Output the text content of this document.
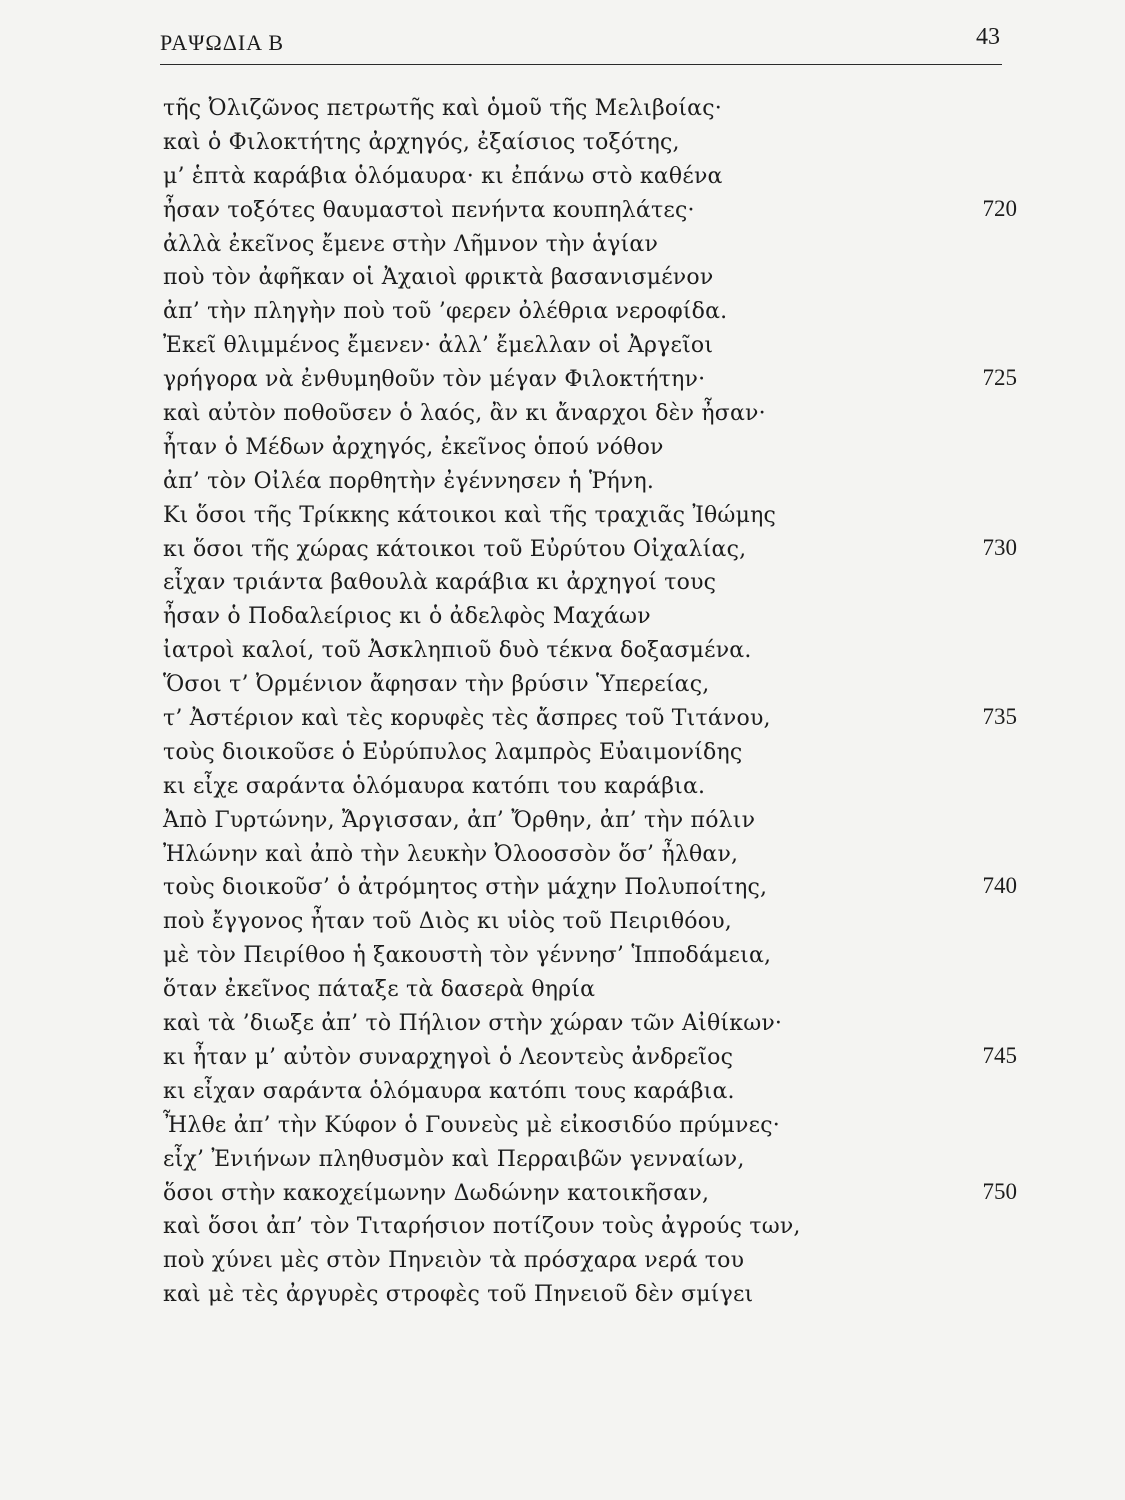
ΡΑΨΩΔΙΑ Β	43
τῆς Ὀλιζῶνος πετρωτῆς καὶ ὁμοῦ τῆς Μελιβοίας·
καὶ ὁ Φιλοκτήτης ἀρχηγός, ἐξαίσιος τοξότης,
μ’ ἑπτὰ καράβια ὁλόμαυρα· κι ἐπάνω στὸ καθένα
ἦσαν τοξότες θαυμαστοὶ πενήντα κουπηλάτες·	720
ἀλλὰ ἐκεῖνος ἔμενε στὴν Λῆμνον τὴν ἁγίαν
ποὺ τὸν ἀφῆκαν οἱ Ἀχαιοὶ φρικτὰ βασανισμένον
ἀπ’ τὴν πληγὴν ποὺ τοῦ ’φερεν ὀλέθρια νεροφίδα.
Ἐκεῖ θλιμμένος ἔμενεν· ἀλλ’ ἔμελλαν οἱ Ἀργεῖοι
γρήγορα νὰ ἐνθυμηθοῦν τὸν μέγαν Φιλοκτήτην·	725
καὶ αὐτὸν ποθοῦσεν ὁ λαός, ἂν κι ἄναρχοι δὲν ἦσαν·
ἦταν ὁ Μέδων ἀρχηγός, ἐκεῖνος ὁπού νόθον
ἀπ’ τὸν Οἰλέα πορθητὴν ἐγέννησεν ἡ Ῥήνη.
Κι ὅσοι τῆς Τρίκκης κάτοικοι καὶ τῆς τραχιᾶς Ἰθώμης
κι ὅσοι τῆς χώρας κάτοικοι τοῦ Εὐρύτου Οἰχαλίας,	730
εἶχαν τριάντα βαθουλὰ καράβια κι ἀρχηγοί τους
ἦσαν ὁ Ποδαλείριος κι ὁ ἀδελφὸς Μαχάων
ἰατροὶ καλοί, τοῦ Ἀσκληπιοῦ δυὸ τέκνα δοξασμένα.
Ὅσοι τ’ Ὀρμένιον ἄφησαν τὴν βρύσιν Ὑπερείας,
τ’ Ἀστέριον καὶ τὲς κορυφὲς τὲς ἄσπρες τοῦ Τιτάνου,	735
τοὺς διοικοῦσε ὁ Εὐρύπυλος λαμπρὸς Εὐαιμονίδης
κι εἶχε σαράντα ὁλόμαυρα κατόπι του καράβια.
Ἀπὸ Γυρτώνην, Ἄργισσαν, ἀπ’ Ὄρθην, ἀπ’ τὴν πόλιν
Ἠλώνην καὶ ἀπὸ τὴν λευκὴν Ὀλοοσσὸν ὅσ’ ἦλθαν,
τοὺς διοικοῦσ’ ὁ ἀτρόμητος στὴν μάχην Πολυποίτης,	740
ποὺ ἔγγονος ἦταν τοῦ Διὸς κι υἱὸς τοῦ Πειριθόου,
μὲ τὸν Πειρίθοο ἡ ξακουστὴ τὸν γέννησ’ Ἱπποδάμεια,
ὅταν ἐκεῖνος πάταξε τὰ δασερὰ θηρία
καὶ τὰ ’διωξε ἀπ’ τὸ Πήλιον στὴν χώραν τῶν Αἰθίκων·
κι ἦταν μ’ αὐτὸν συναρχηγοὶ ὁ Λεοντεὺς ἀνδρεῖος	745
κι εἶχαν σαράντα ὁλόμαυρα κατόπι τους καράβια.
Ἦλθε ἀπ’ τὴν Κύφον ὁ Γουνεὺς μὲ εἰκοσιδύο πρύμνες·
εἶχ’ Ἐνιήνων πληθυσμὸν καὶ Περραιβῶν γενναίων,
ὅσοι στὴν κακοχείμωνην Δωδώνην κατοικῆσαν,	750
καὶ ὅσοι ἀπ’ τὸν Τιταρήσιον ποτίζουν τοὺς ἀγρούς των,
ποὺ χύνει μὲς στὸν Πηνειὸν τὰ πρόσχαρα νερά του
καὶ μὲ τὲς ἀργυρὲς στροφὲς τοῦ Πηνειοῦ δὲν σμίγει
